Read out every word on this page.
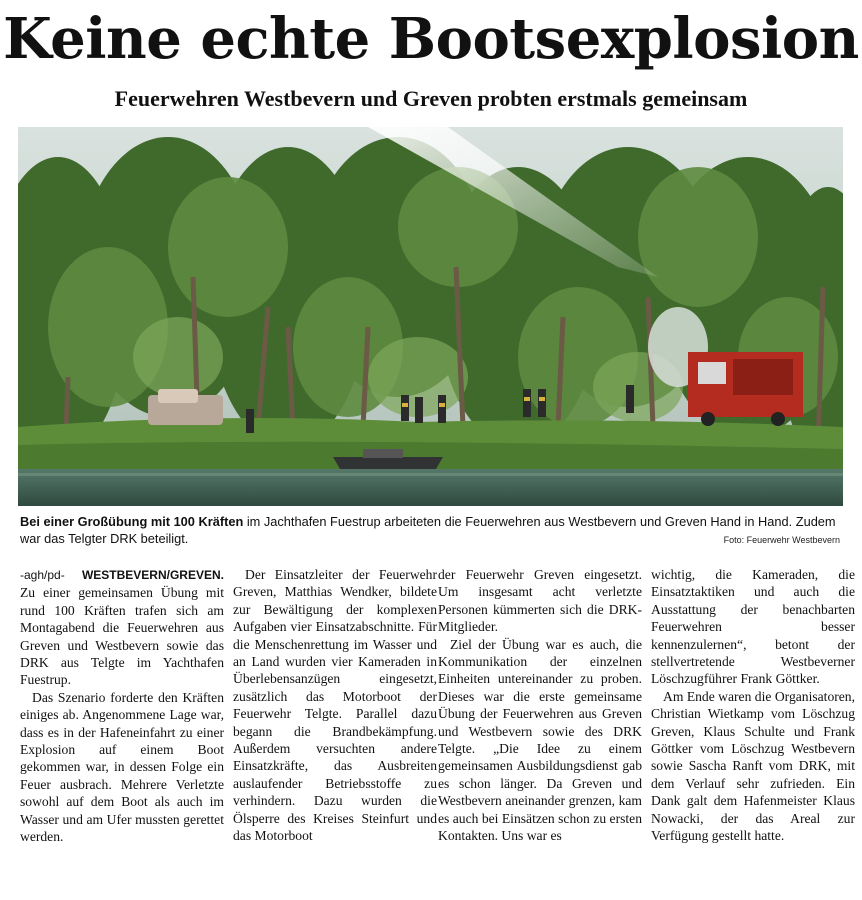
Keine echte Bootsexplosion
Feuerwehren Westbevern und Greven probten erstmals gemeinsam
Bei einer Großübung mit 100 Kräften im Jachthafen Fuestrup arbeiteten die Feuerwehren aus Westbevern und Greven Hand in Hand. Zudem war das Telgter DRK beteiligt.	Foto: Feuerwehr Westbevern

-agh/pd- WESTBEVERN/GREVEN. Zu einer gemeinsamen Übung mit rund 100 Kräften trafen sich am Montagabend die Feuerwehren aus Greven und Westbevern sowie das DRK aus Telgte im Yachthafen Fuestrup.

Das Szenario forderte den Kräften einiges ab. Angenommene Lage war, dass es in der Hafeneinfahrt zu einer Explosion auf einem Boot gekommen war, in dessen Folge ein Feuer ausbrach. Mehrere Verletzte sowohl auf dem Boot als auch im Wasser und am Ufer mussten gerettet werden.

Der Einsatzleiter der Feuerwehr Greven, Matthias Wendker, bildete zur Bewältigung der komplexen Aufgaben vier Einsatzabschnitte. Für die Menschenrettung im Wasser und an Land wurden vier Kameraden in Überlebensanzügen eingesetzt, zusätzlich das Motorboot der Feuerwehr Telgte. Parallel dazu begann die Brandbekämpfung. Außerdem versuchten andere Einsatzkräfte, das Ausbreiten auslaufender Betriebsstoffe zu verhindern. Dazu wurden die Ölsperre des Kreises Steinfurt und das Motorboot

der Feuerwehr Greven eingesetzt. Um insgesamt acht verletzte Personen kümmerten sich die DRK-Mitglieder.

Ziel der Übung war es auch, die Kommunikation der einzelnen Einheiten untereinander zu proben. Dieses war die erste gemeinsame Übung der Feuerwehren aus Greven und Westbevern sowie des DRK Telgte. „Die Idee zu einem gemeinsamen Ausbildungsdienst gab es schon länger. Da Greven und Westbevern aneinander grenzen, kam es auch bei Einsätzen schon zu ersten Kontakten. Uns war es

wichtig, die Kameraden, die Einsatztaktiken und auch die Ausstattung der benachbarten Feuerwehren besser kennenzulernen“, betont der stellvertretende Westbeverner Löschzugführer Frank Göttker.

Am Ende waren die Organisatoren, Christian Wietkamp vom Löschzug Greven, Klaus Schulte und Frank Göttker vom Löschzug Westbevern sowie Sascha Ranft vom DRK, mit dem Verlauf sehr zufrieden. Ein Dank galt dem Hafenmeister Klaus Nowacki, der das Areal zur Verfügung gestellt hatte.
